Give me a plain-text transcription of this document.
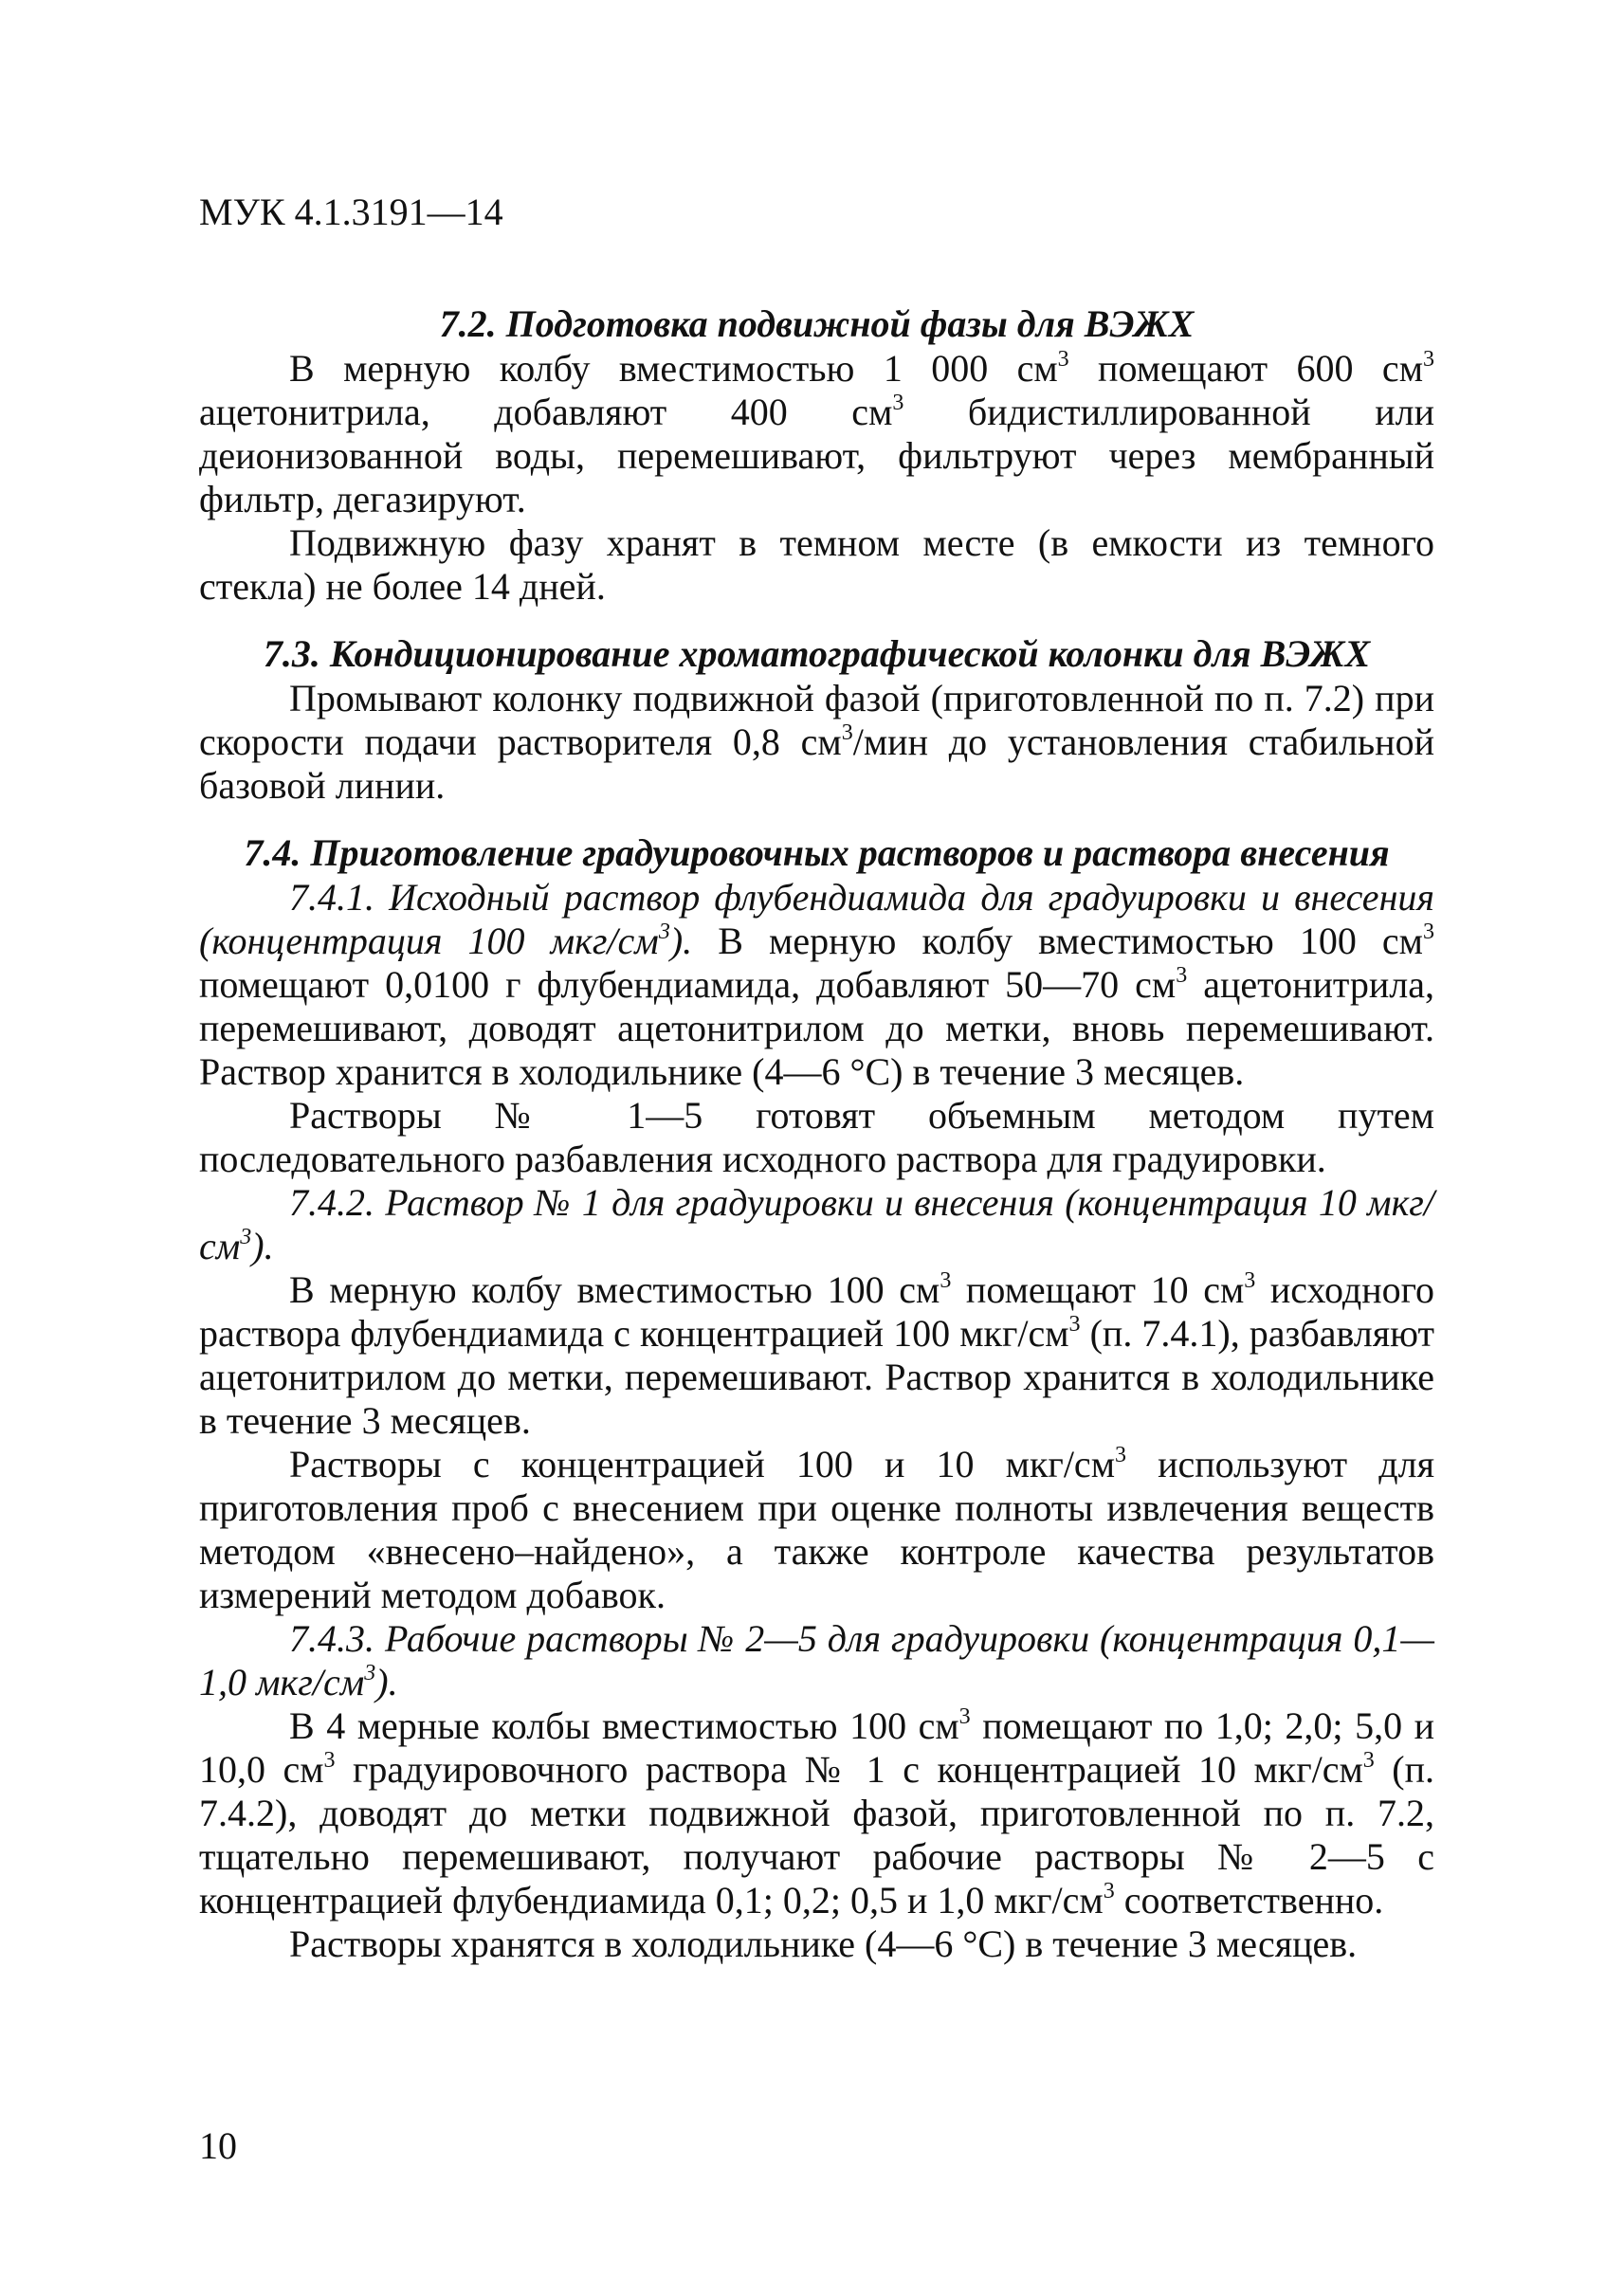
МУК 4.1.3191—14
7.2. Подготовка подвижной фазы для ВЭЖХ

В мерную колбу вместимостью 1 000 $см^3$ помещают 600 $см^3$ ацетонитрила, добавляют 400 $см^3$ бидистиллированной или деионизованной воды, перемешивают, фильтруют через мембранный фильтр, дегазируют.

Подвижную фазу хранят в темном месте (в емкости из темного стекла) не более 14 дней.

7.3. Кондиционирование хроматографической колонки для ВЭЖХ

Промывают колонку подвижной фазой (приготовленной по п. 7.2) при скорости подачи растворителя 0,8 $см^3$/мин до установления стабильной базовой линии.

7.4. Приготовление градуировочных растворов и раствора внесения

7.4.1. Исходный раствор флубендиамида для градуировки и внесения (концентрация 100 мкг/$см^3$). В мерную колбу вместимостью 100 $см^3$ помещают 0,0100 г флубендиамида, добавляют 50—70 $см^3$ ацетонитрила, перемешивают, доводят ацетонитрилом до метки, вновь перемешивают. Раствор хранится в холодильнике (4—6 °С) в течение 3 месяцев.

Растворы № 1—5 готовят объемным методом путем последовательного разбавления исходного раствора для градуировки.

7.4.2. Раствор № 1 для градуировки и внесения (концентрация 10 мкг/$см^3$).

В мерную колбу вместимостью 100 $см^3$ помещают 10 $см^3$ исходного раствора флубендиамида с концентрацией 100 мкг/$см^3$ (п. 7.4.1), разбавляют ацетонитрилом до метки, перемешивают. Раствор хранится в холодильнике в течение 3 месяцев.

Растворы с концентрацией 100 и 10 мкг/$см^3$ используют для приготовления проб с внесением при оценке полноты извлечения веществ методом «внесено–найдено», а также контроле качества результатов измерений методом добавок.

7.4.3. Рабочие растворы № 2—5 для градуировки (концентрация 0,1—1,0 мкг/$см^3$).

В 4 мерные колбы вместимостью 100 $см^3$ помещают по 1,0; 2,0; 5,0 и 10,0 $см^3$ градуировочного раствора № 1 с концентрацией 10 мкг/$см^3$ (п. 7.4.2), доводят до метки подвижной фазой, приготовленной по п. 7.2, тщательно перемешивают, получают рабочие растворы № 2—5 с концентрацией флубендиамида 0,1; 0,2; 0,5 и 1,0 мкг/$см^3$ соответственно.

Растворы хранятся в холодильнике (4—6 °С) в течение 3 месяцев.

10
